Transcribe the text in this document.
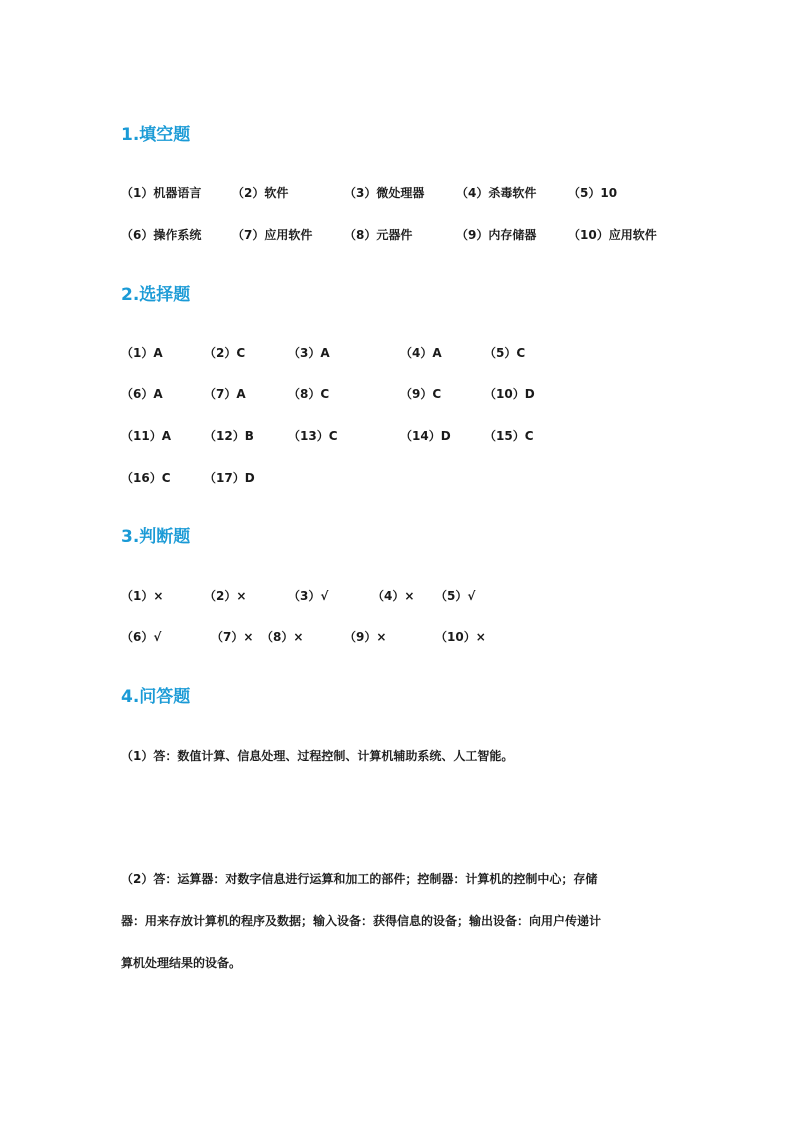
1.填空题
（1）机器语言	（2）软件	（3）微处理器	（4）杀毒软件	（5）10
（6）操作系统	（7）应用软件	（8）元器件	（9）内存储器	（10）应用软件
2.选择题
（1）A	（2）C	（3）A	（4）A	（5）C
（6）A	（7）A	（8）C	（9）C	（10）D
（11）A	（12）B	（13）C	（14）D	（15）C
（16）C	（17）D
3.判断题
（1）×	（2）×	（3）√	（4）× （5）√
（6）√	（7）× （8）×	（9）×	（10）×
4.问答题

（1）答：数值计算、信息处理、过程控制、计算机辅助系统、人工智能。

（2）答：运算器：对数字信息进行运算和加工的部件；控制器：计算机的控制中心；存储

器：用来存放计算机的程序及数据；输入设备：获得信息的设备；输出设备：向用户传递计

算机处理结果的设备。
